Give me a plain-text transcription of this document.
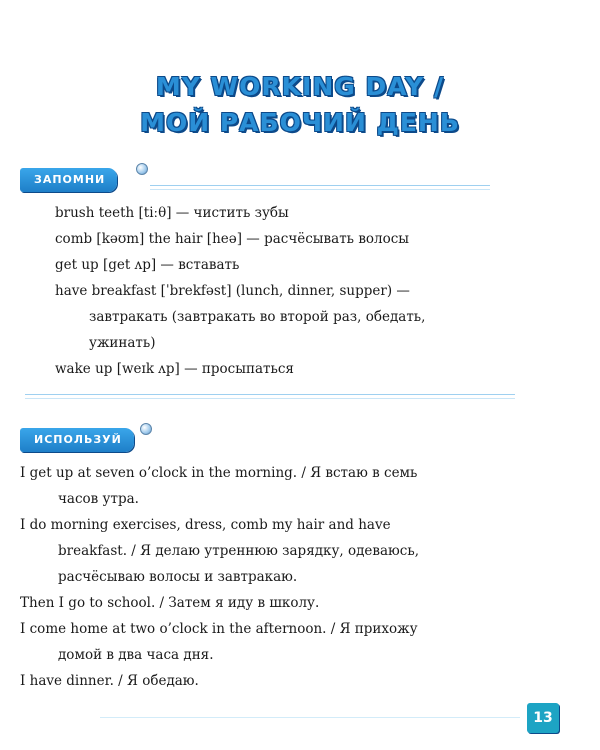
MY WORKING DAY /
МОЙ РАБОЧИЙ ДЕНЬ
ЗАПОМНИ
brush teeth [tiːθ] — чистить зубы
comb [kəʊm] the hair [heə] — расчёсывать волосы
get up [get ʌp] — вставать
have breakfast [ˈbrekfəst] (lunch, dinner, supper) —
завтракать (завтракать во второй раз, обедать,
ужинать)
wake up [weɪk ʌp] — просыпаться
ИСПОЛЬЗУЙ
I get up at seven o’clock in the morning. / Я встаю в семь
часов утра.
I do morning exercises, dress, comb my hair and have
breakfast. / Я делаю утреннюю зарядку, одеваюсь,
расчёсываю волосы и завтракаю.
Then I go to school. / Затем я иду в школу.
I come home at two o’clock in the afternoon. / Я прихожу
домой в два часа дня.
I have dinner. / Я обедаю.
13
